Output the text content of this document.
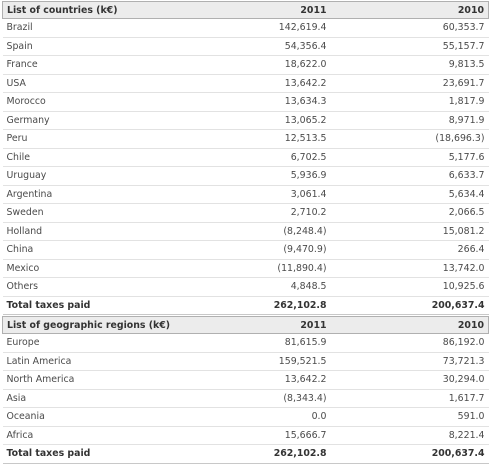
List of countries (k€)	2011	2010
Brazil	142,619.4	60,353.7
Spain	54,356.4	55,157.7
France	18,622.0	9,813.5
USA	13,642.2	23,691.7
Morocco	13,634.3	1,817.9
Germany	13,065.2	8,971.9
Peru	12,513.5	(18,696.3)
Chile	6,702.5	5,177.6
Uruguay	5,936.9	6,633.7
Argentina	3,061.4	5,634.4
Sweden	2,710.2	2,066.5
Holland	(8,248.4)	15,081.2
China	(9,470.9)	266.4
Mexico	(11,890.4)	13,742.0
Others	4,848.5	10,925.6
Total taxes paid	262,102.8	200,637.4
List of geographic regions (k€)	2011	2010
Europe	81,615.9	86,192.0
Latin America	159,521.5	73,721.3
North America	13,642.2	30,294.0
Asia	(8,343.4)	1,617.7
Oceania	0.0	591.0
Africa	15,666.7	8,221.4
Total taxes paid	262,102.8	200,637.4
